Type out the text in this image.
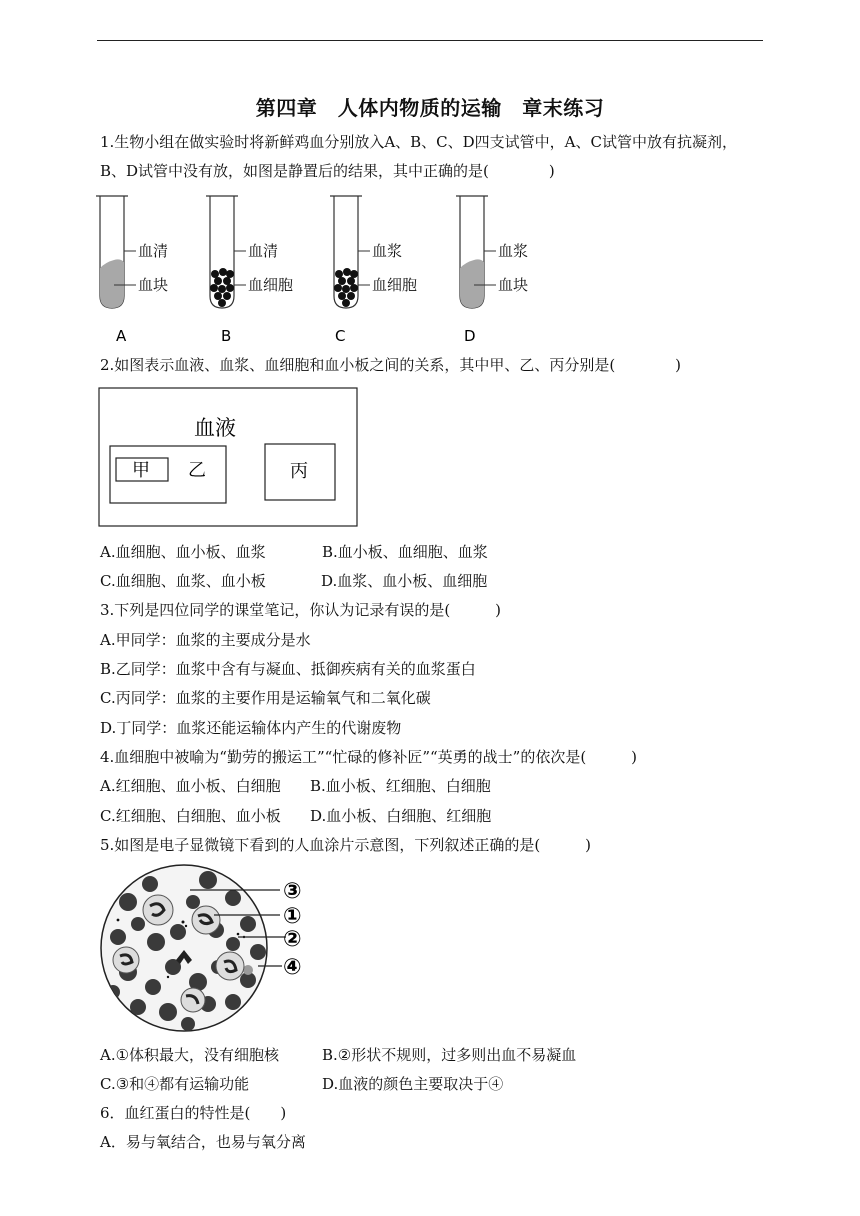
第四章　人体内物质的运输　章末练习
1.生物小组在做实验时将新鲜鸡血分别放入A、B、C、D四支试管中，A、C试管中放有抗凝剂，
B、D试管中没有放，如图是静置后的结果，其中正确的是(　　　　)
血清
血块
A
血清
血细胞
B
血浆
血细胞
C
血浆
血块
D
2.如图表示血液、血浆、血细胞和血小板之间的关系，其中甲、乙、丙分别是(　　　　)
血液
甲 乙	丙
A.血细胞、血小板、血浆	B.血小板、血细胞、血浆
C.血细胞、血浆、血小板	D.血浆、血小板、血细胞
3.下列是四位同学的课堂笔记，你认为记录有误的是(　　　)
A.甲同学：血浆的主要成分是水
B.乙同学：血浆中含有与凝血、抵御疾病有关的血浆蛋白
C.丙同学：血浆的主要作用是运输氧气和二氧化碳
D.丁同学：血浆还能运输体内产生的代谢废物
4.血细胞中被喻为“勤劳的搬运工”“忙碌的修补匠”“英勇的战士”的依次是(　　　)
A.红细胞、血小板、白细胞 B.血小板、红细胞、白细胞
C.红细胞、白细胞、血小板 D.血小板、白细胞、红细胞
5.如图是电子显微镜下看到的人血涂片示意图，下列叙述正确的是(　　　)
③
①
②
④
A.①体积最大，没有细胞核	B.②形状不规则，过多则出血不易凝血
C.③和④都有运输功能	D.血液的颜色主要取决于④
6．血红蛋白的特性是(　　)
A．易与氧结合，也易与氧分离
